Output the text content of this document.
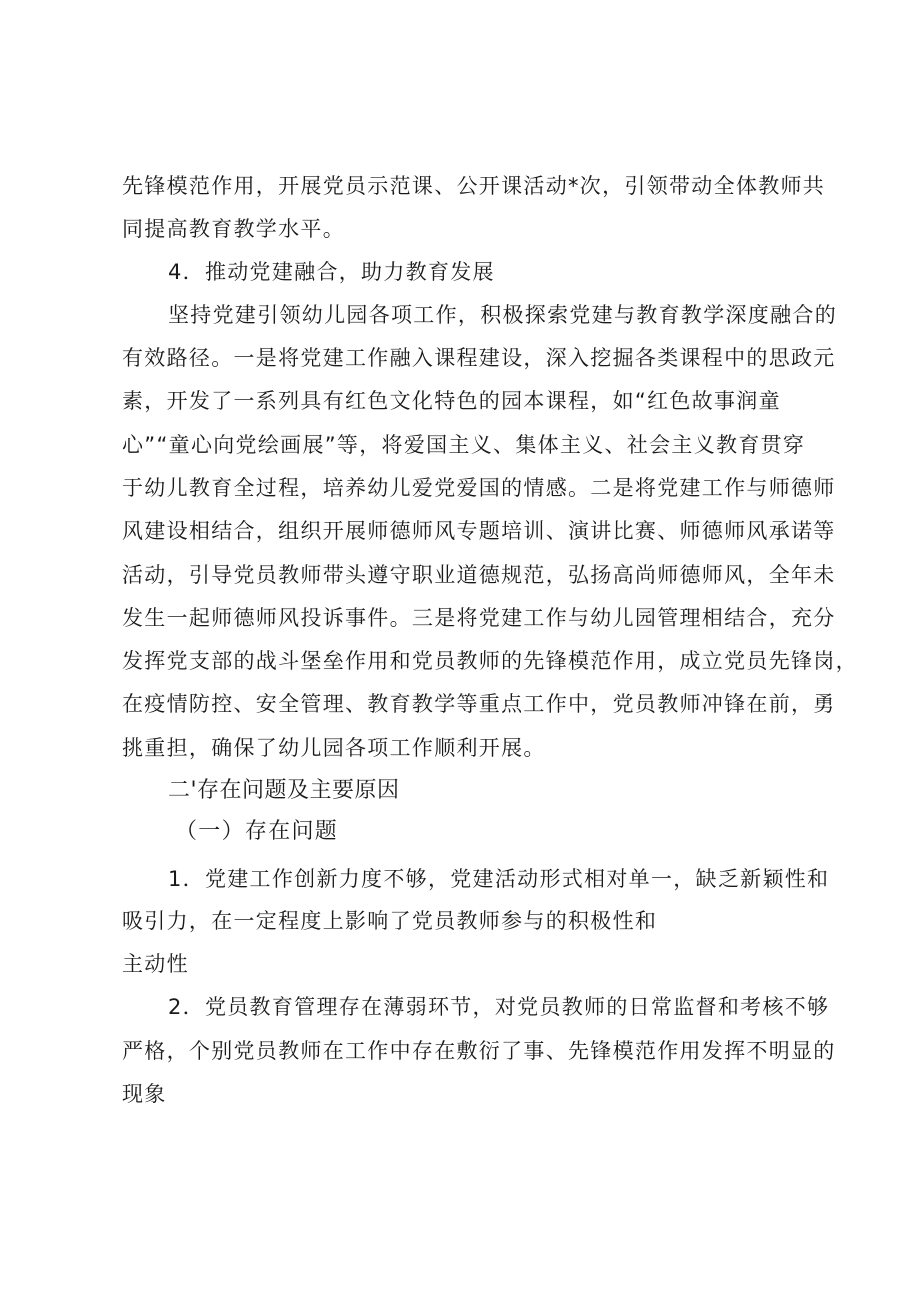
先锋模范作用，开展党员示范课、公开课活动*次，引领带动全体教师共
同提高教育教学水平。
4．推动党建融合，助力教育发展
坚持党建引领幼儿园各项工作，积极探索党建与教育教学深度融合的
有效路径。一是将党建工作融入课程建设，深入挖掘各类课程中的思政元
素，开发了一系列具有红色文化特色的园本课程，如“红色故事润童
心”“童心向党绘画展”等，将爱国主义、集体主义、社会主义教育贯穿
于幼儿教育全过程，培养幼儿爱党爱国的情感。二是将党建工作与师德师
风建设相结合，组织开展师德师风专题培训、演讲比赛、师德师风承诺等
活动，引导党员教师带头遵守职业道德规范，弘扬高尚师德师风，全年未
发生一起师德师风投诉事件。三是将党建工作与幼儿园管理相结合，充分
发挥党支部的战斗堡垒作用和党员教师的先锋模范作用，成立党员先锋岗，
在疫情防控、安全管理、教育教学等重点工作中，党员教师冲锋在前，勇
挑重担，确保了幼儿园各项工作顺利开展。
二'存在问题及主要原因
（一）存在问题
1．党建工作创新力度不够，党建活动形式相对单一，缺乏新颖性和
吸引力，在一定程度上影响了党员教师参与的积极性和
主动性
2．党员教育管理存在薄弱环节，对党员教师的日常监督和考核不够
严格，个别党员教师在工作中存在敷衍了事、先锋模范作用发挥不明显的
现象
